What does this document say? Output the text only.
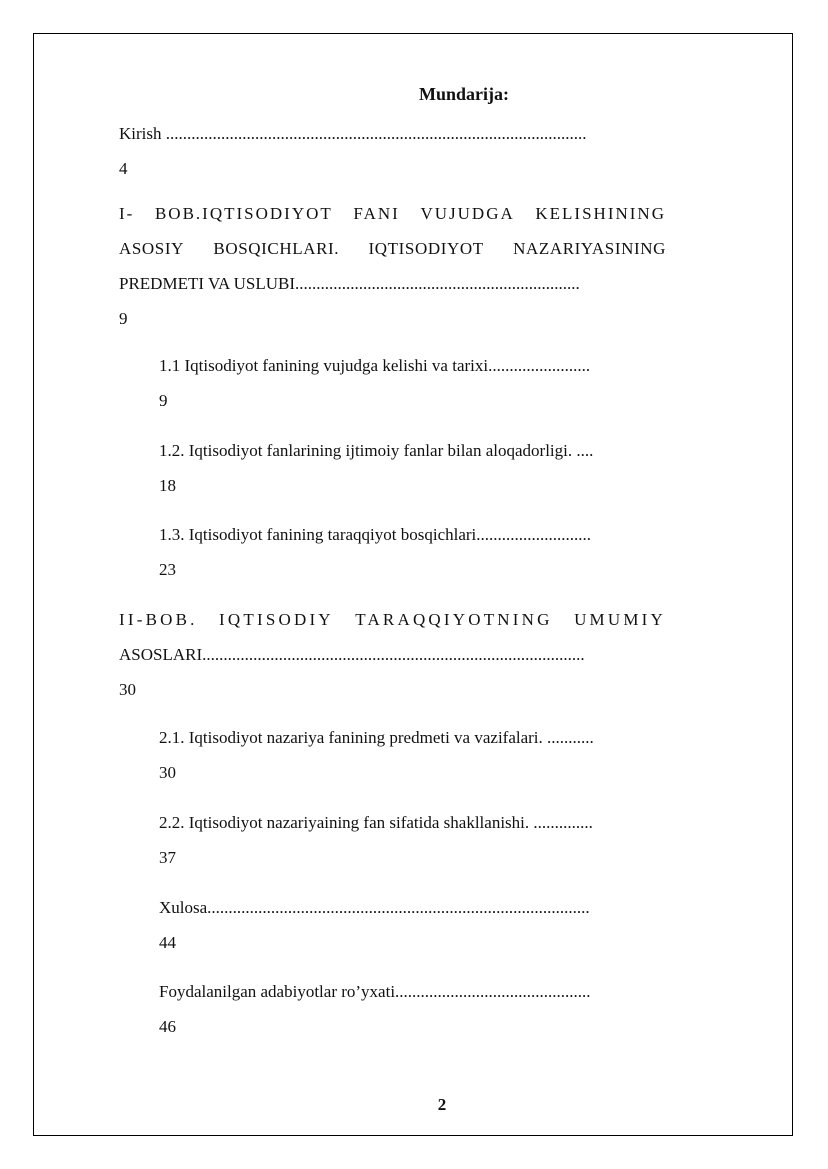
Mundarija:
Kirish ...................................................................................................
4
I- BOB.IQTISODIYOT FANI VUJUDGA KELISHINING
ASOSIY BOSQICHLARI. IQTISODIYOT NAZARIYASINING
PREDMETI VA USLUBI...................................................................
9
1.1 Iqtisodiyot fanining vujudga kelishi va tarixi........................
9
1.2. Iqtisodiyot fanlarining ijtimoiy fanlar bilan aloqadorligi. ....
18
1.3. Iqtisodiyot fanining taraqqiyot bosqichlari...........................
23
II-BOB. IQTISODIY TARAQQIYOTNING UMUMIY
ASOSLARI..........................................................................................
30
2.1. Iqtisodiyot nazariya fanining predmeti va vazifalari. ...........
30
2.2. Iqtisodiyot nazariyaining fan sifatida shakllanishi. ..............
37
Xulosa..........................................................................................
44
Foydalanilgan adabiyotlar ro’yxati..............................................
46
2
